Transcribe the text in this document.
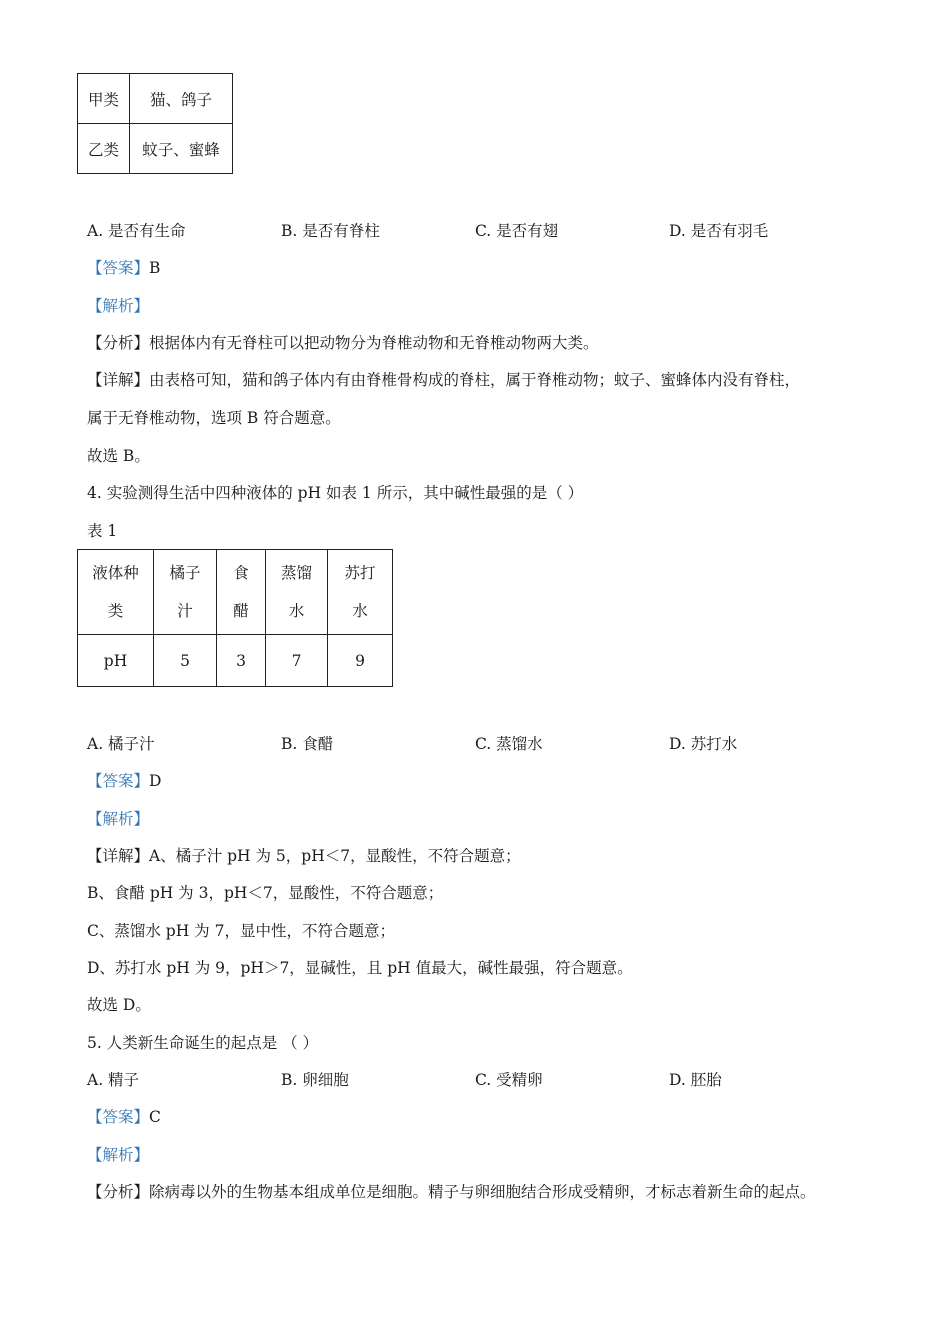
甲类	猫、鸽子
乙类	蚊子、蜜蜂
A. 是否有生命	B. 是否有脊柱	C. 是否有翅	D. 是否有羽毛
【答案】B
【解析】
【分析】根据体内有无脊柱可以把动物分为脊椎动物和无脊椎动物两大类。
【详解】由表格可知，猫和鸽子体内有由脊椎骨构成的脊柱，属于脊椎动物；蚊子、蜜蜂体内没有脊柱，
属于无脊椎动物，选项 B 符合题意。
故选 B。
4. 实验测得生活中四种液体的 pH 如表 1 所示，其中碱性最强的是（ ）
表 1
液体种类	橘子汁	食醋	蒸馏水	苏打水

pH	5	3	7	9
A. 橘子汁	B. 食醋	C. 蒸馏水	D. 苏打水
【答案】D
【解析】
【详解】A、橘子汁 pH 为 5，pH＜7，显酸性，不符合题意；
B、食醋 pH 为 3，pH＜7，显酸性，不符合题意；
C、蒸馏水 pH 为 7，显中性，不符合题意；
D、苏打水 pH 为 9，pH＞7，显碱性，且 pH 值最大，碱性最强，符合题意。
故选 D。
5. 人类新生命诞生的起点是 （ ）
A. 精子	B. 卵细胞	C. 受精卵	D. 胚胎
【答案】C
【解析】
【分析】除病毒以外的生物基本组成单位是细胞。精子与卵细胞结合形成受精卵，才标志着新生命的起点。
